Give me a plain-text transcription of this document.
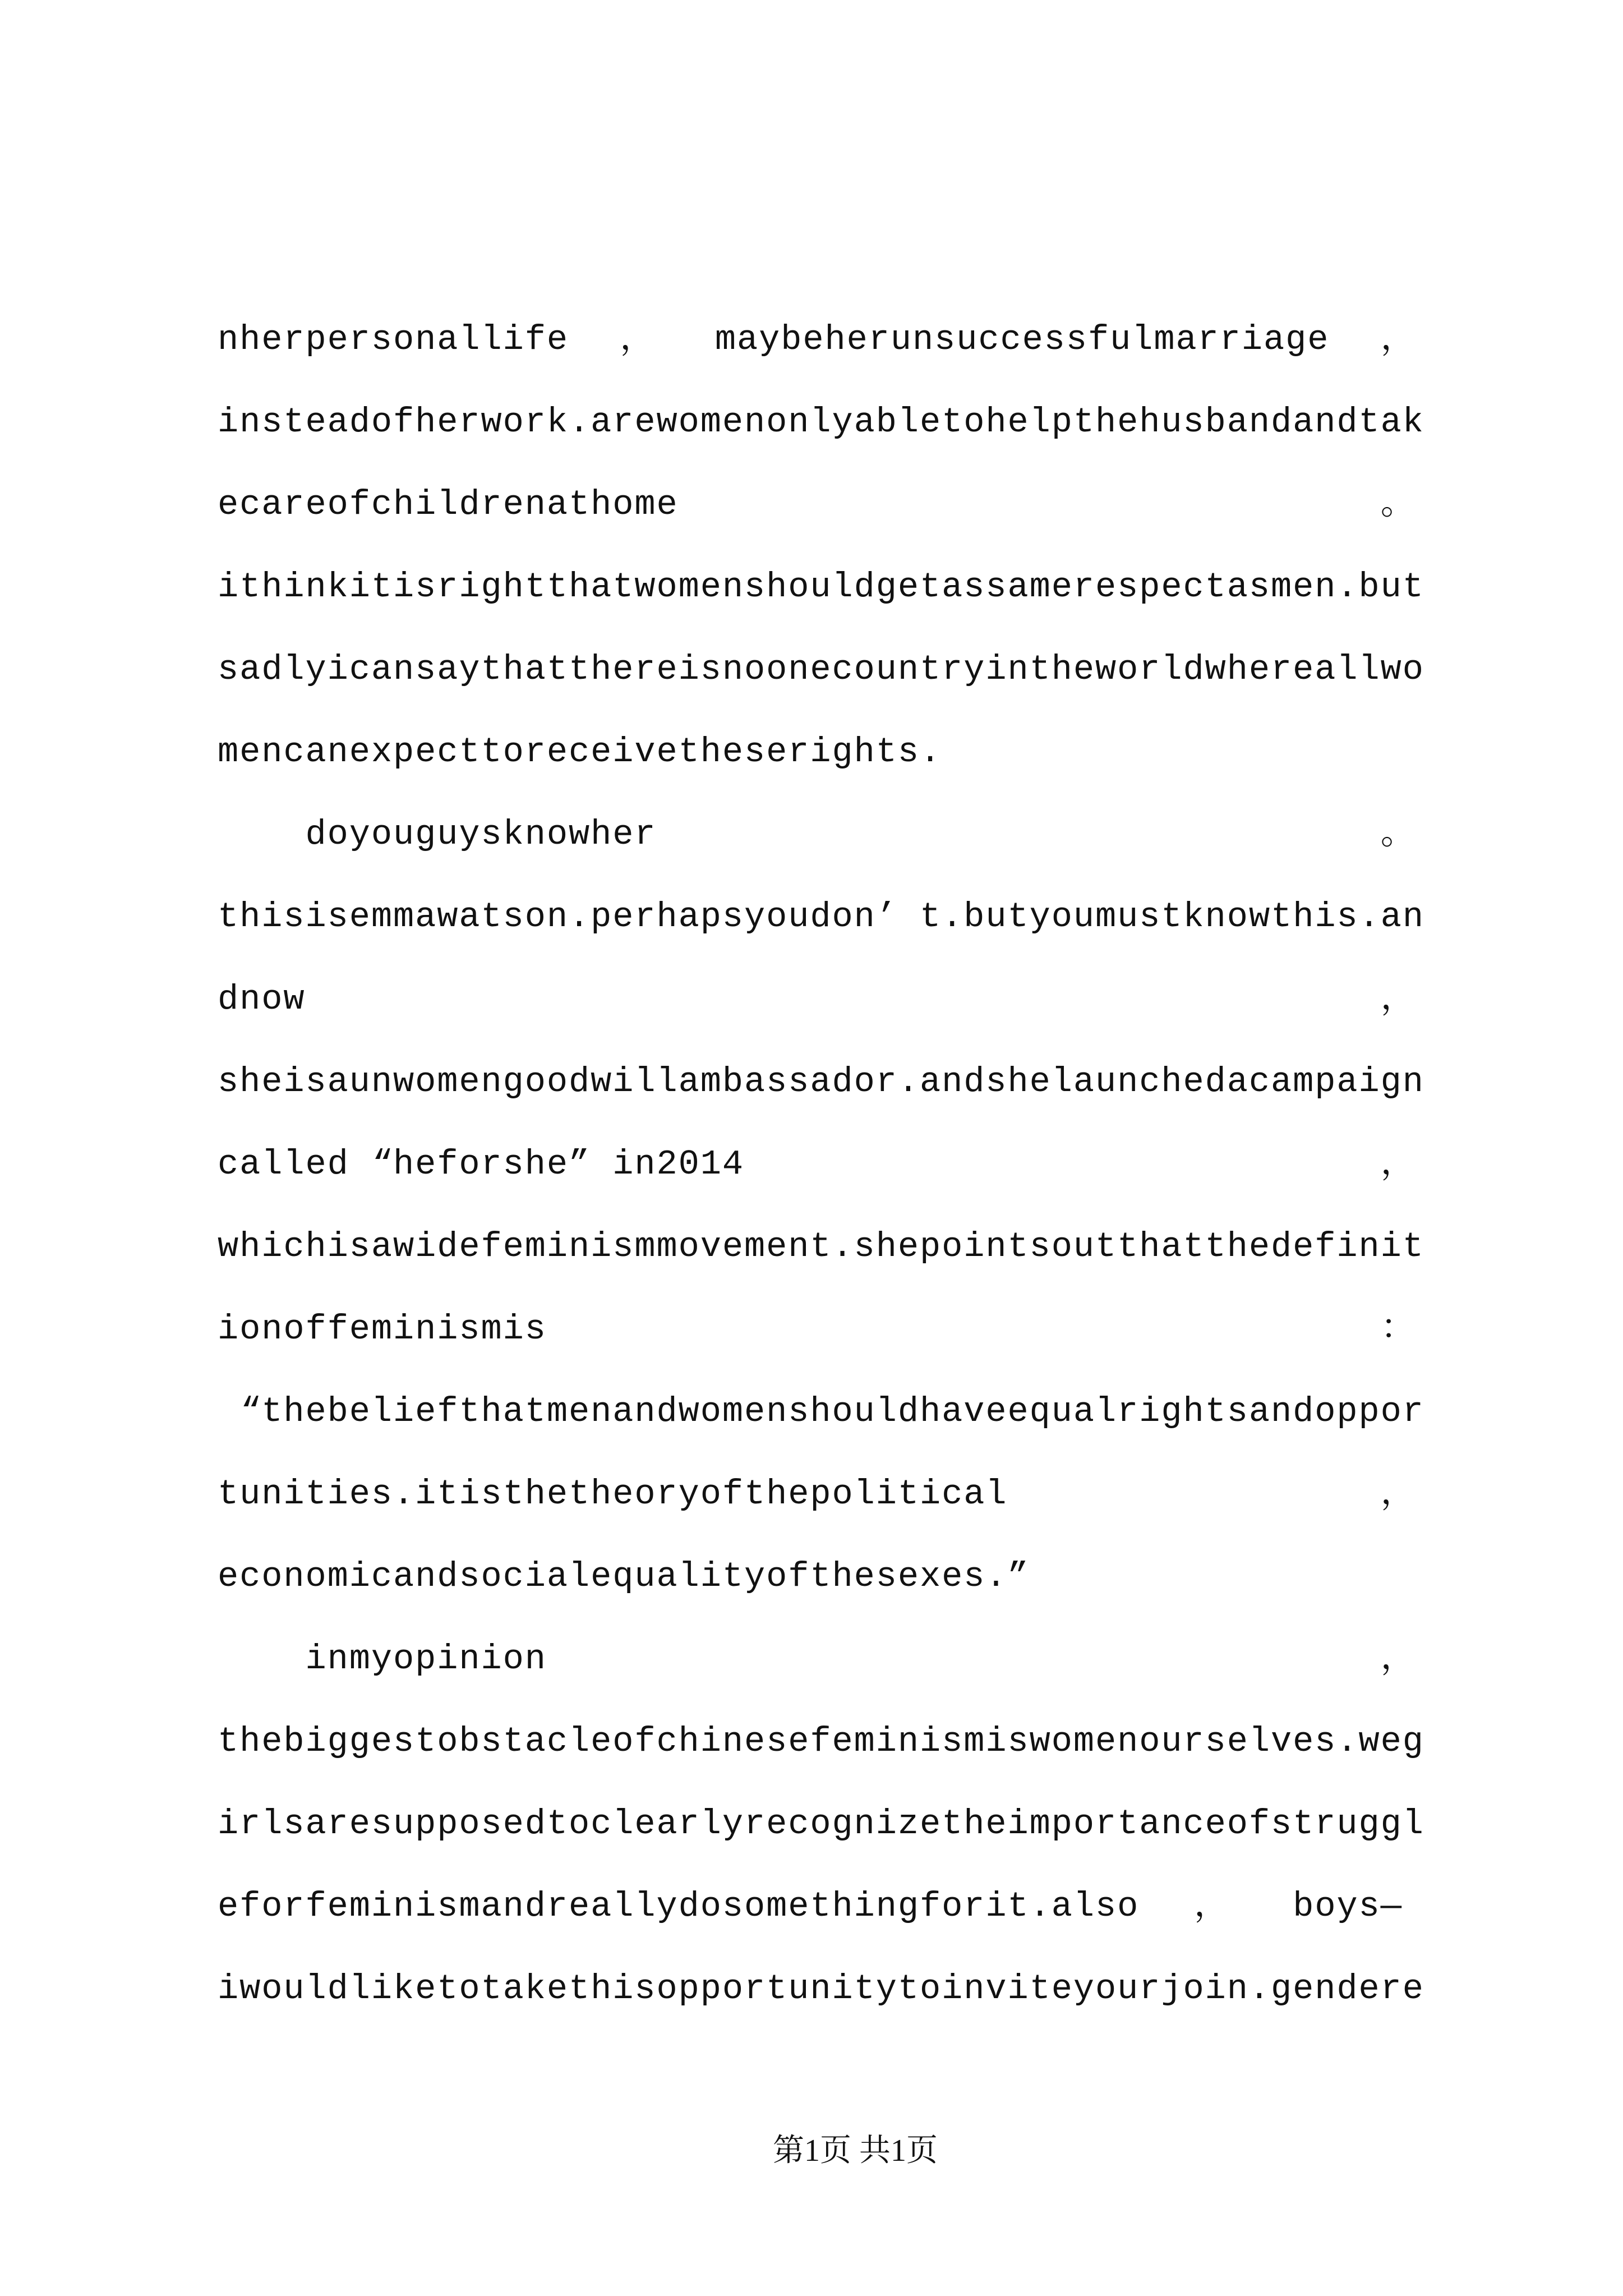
nherpersonallife ， maybeherunsuccessfulmarriage ，
insteadofherwork.arewomenonlyabletohelpthehusbandandtak
ecareofchildrenathome	。
ithinkitisrightthatwomenshouldgetassamerespectasmen.but
sadlyicansaythatthereisnoonecountryintheworldwhereallwo
mencanexpecttoreceivetheserights.
doyouguysknowher	。
thisisemmawatson.perhapsyoudon’ t.butyoumustknowthis.an
dnow	，
sheisaunwomengoodwillambassador.andshelaunchedacampaign
called “heforshe” in2014	，
whichisawidefeminismmovement.shepointsoutthatthedefinit
ionoffeminismis	：
“thebeliefthatmenandwomenshouldhaveequalrightsandoppor
tunities.itisthetheoryofthepolitical	，
economicandsocialequalityofthesexes.”
inmyopinion	，
thebiggestobstacleofchinesefeminismiswomenourselves.weg
irlsaresupposedtoclearlyrecognizetheimportanceofstruggl
eforfeminismandreallydosomethingforit.also ， boys—
iwouldliketotakethisopportunitytoinviteyourjoin.gendere
第1页 共1页
